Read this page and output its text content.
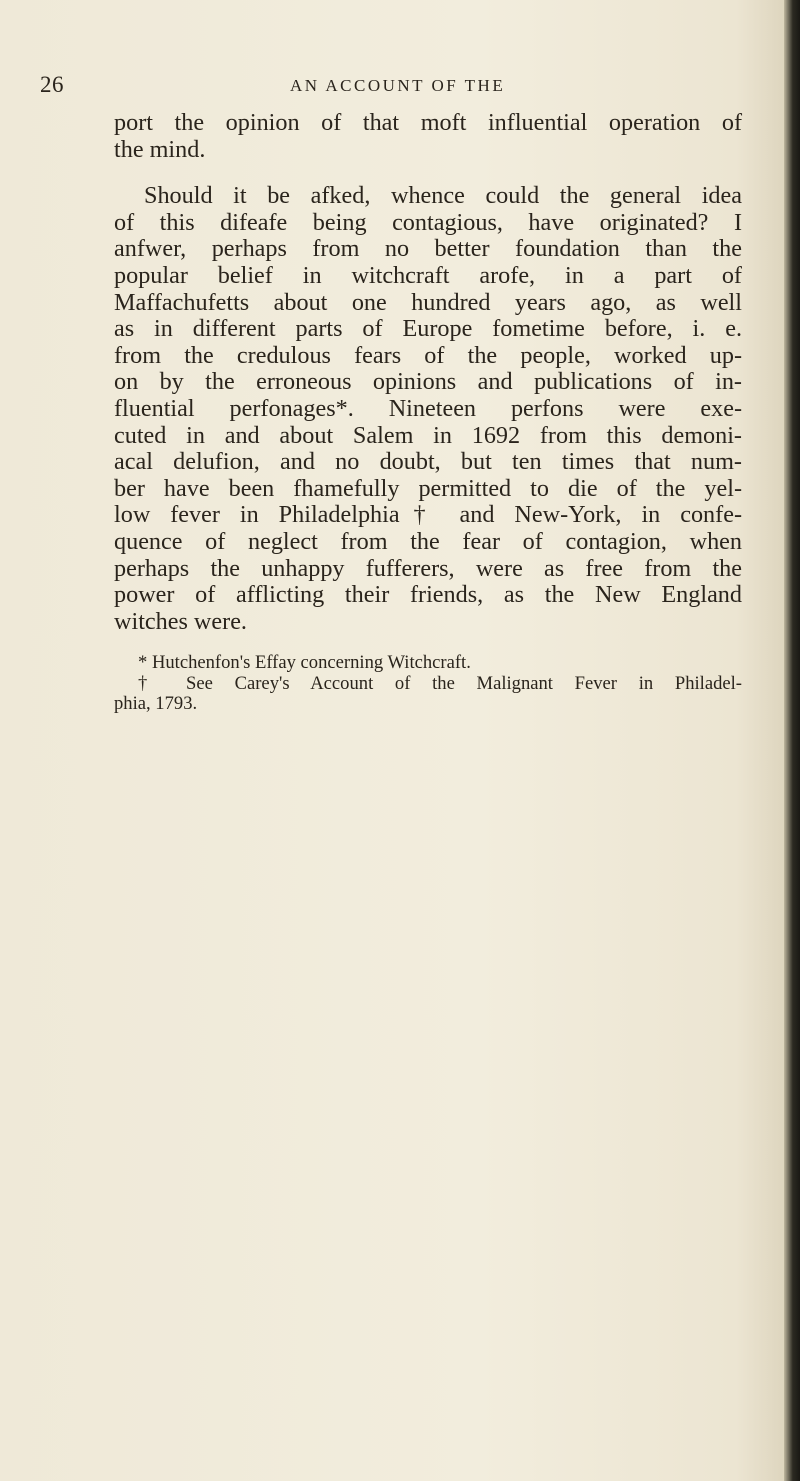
26	AN ACCOUNT OF THE

port the opinion of that moft influential operation of
the mind.

Should it be afked, whence could the general idea
of this difeafe being contagious, have originated? I
anfwer, perhaps from no better foundation than the
popular belief in witchcraft arofe, in a part of
Maffachufetts about one hundred years ago, as well
as in different parts of Europe fometime before, i. e.
from the credulous fears of the people, worked up-
on by the erroneous opinions and publications of in-
fluential perfonages*. Nineteen perfons were exe-
cuted in and about Salem in 1692 from this demoni-
acal delufion, and no doubt, but ten times that num-
ber have been fhamefully permitted to die of the yel-
low fever in Philadelphia† and New-York, in confe-
quence of neglect from the fear of contagion, when
perhaps the unhappy fufferers, were as free from the
power of afflicting their friends, as the New England
witches were.

* Hutchenfon's Effay concerning Witchcraft.

† See Carey's Account of the Malignant Fever in Philadel-
phia, 1793.
